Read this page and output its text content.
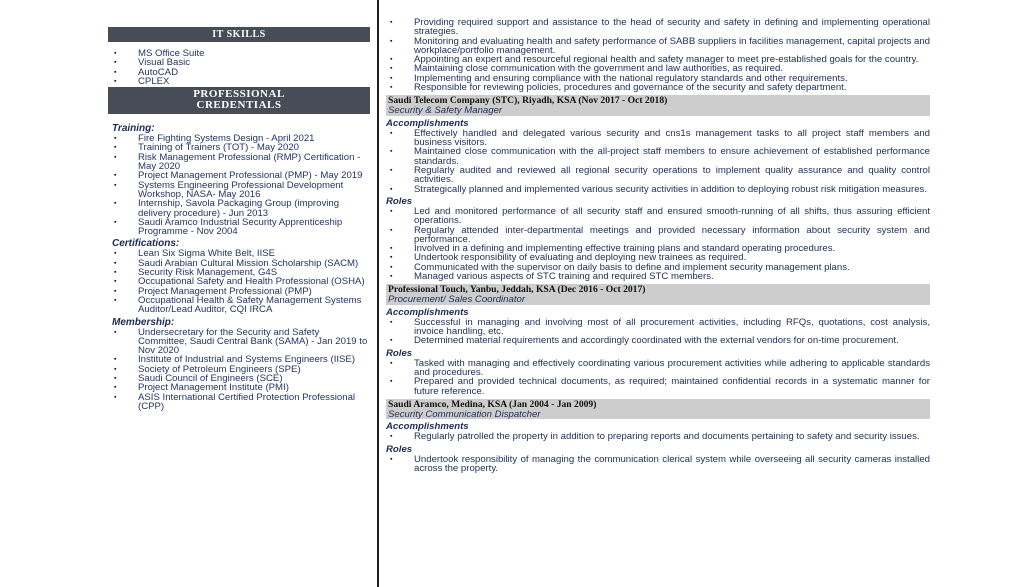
IT SKILLS
▪ MS Office Suite
▪ Visual Basic
▪ AutoCAD
▪ CPLEX
PROFESSIONAL
CREDENTIALS
Training:
▪ Fire Fighting Systems Design - April 2021
▪ Training of Trainers (TOT) - May 2020
▪ Risk Management Professional (RMP) Certification - May 2020
▪ Project Management Professional (PMP) - May 2019
▪ Systems Engineering Professional Development Workshop, NASA- May 2016
▪ Internship, Savola Packaging Group (improving delivery procedure) - Jun 2013
▪ Saudi Aramco Industrial Security Apprenticeship Programme - Nov 2004
Certifications:
▪ Lean Six Sigma White Belt, IISE
▪ Saudi Arabian Cultural Mission Scholarship (SACM)
▪ Security Risk Management, G4S
▪ Occupational Safety and Health Professional (OSHA)
▪ Project Management Professional (PMP)
▪ Occupational Health & Safety Management Systems Auditor/Lead Auditor, CQI IRCA
Membership:
▪ Undersecretary for the Security and Safety Committee, Saudi Central Bank (SAMA) - Jan 2019 to Nov 2020
▪ Institute of Industrial and Systems Engineers (IISE)
▪ Society of Petroleum Engineers (SPE)
▪ Saudi Council of Engineers (SCE)
▪ Project Management Institute (PMI)
▪ ASIS International Certified Protection Professional (CPP)
▪ Providing required support and assistance to the head of security and safety in defining and implementing operational strategies.
▪ Monitoring and evaluating health and safety performance of SABB suppliers in facilities management, capital projects and workplace/portfolio management.
▪ Appointing an expert and resourceful regional health and safety manager to meet pre-established goals for the country.
▪ Maintaining close communication with the government and law authorities, as required.
▪ Implementing and ensuring compliance with the national regulatory standards and other requirements.
▪ Responsible for reviewing policies, procedures and governance of the security and safety department.
Saudi Telecom Company (STC), Riyadh, KSA (Nov 2017 - Oct 2018)
Security & Safety Manager
Accomplishments
▪ Effectively handled and delegated various security and cns1s management tasks to all project staff members and business visitors.
▪ Maintained close communication with the all-project staff members to ensure achievement of established performance standards.
▪ Regularly audited and reviewed all regional security operations to implement quality assurance and quality control activities.
▪ Strategically planned and implemented various security activities in addition to deploying robust risk mitigation measures.
Roles
▪ Led and monitored performance of all security staff and ensured smooth-running of all shifts, thus assuring efficient operations.
▪ Regularly attended inter-departmental meetings and provided necessary information about security system and performance.
▪ Involved in a defining and implementing effective training plans and standard operating procedures.
▪ Undertook responsibility of evaluating and deploying new trainees as required.
▪ Communicated with the supervisor on daily basis to define and implement security management plans.
▪ Managed various aspects of STC training and required STC members.
Professional Touch, Yanbu, Jeddah, KSA (Dec 2016 - Oct 2017)
Procurement/ Sales Coordinator
Accomplishments
▪ Successful in managing and involving most of all procurement activities, including RFQs, quotations, cost analysis, invoice handling, etc.
▪ Determined material requirements and accordingly coordinated with the external vendors for on-time procurement.
Roles
▪ Tasked with managing and effectively coordinating various procurement activities while adhering to applicable standards and procedures.
▪ Prepared and provided technical documents, as required; maintained confidential records in a systematic manner for future reference.
Saudi Aramco, Medina, KSA (Jan 2004 - Jan 2009)
Security Communication Dispatcher
Accomplishments
▪ Regularly patrolled the property in addition to preparing reports and documents pertaining to safety and security issues.
Roles
▪ Undertook responsibility of managing the communication clerical system while overseeing all security cameras installed across the property.
